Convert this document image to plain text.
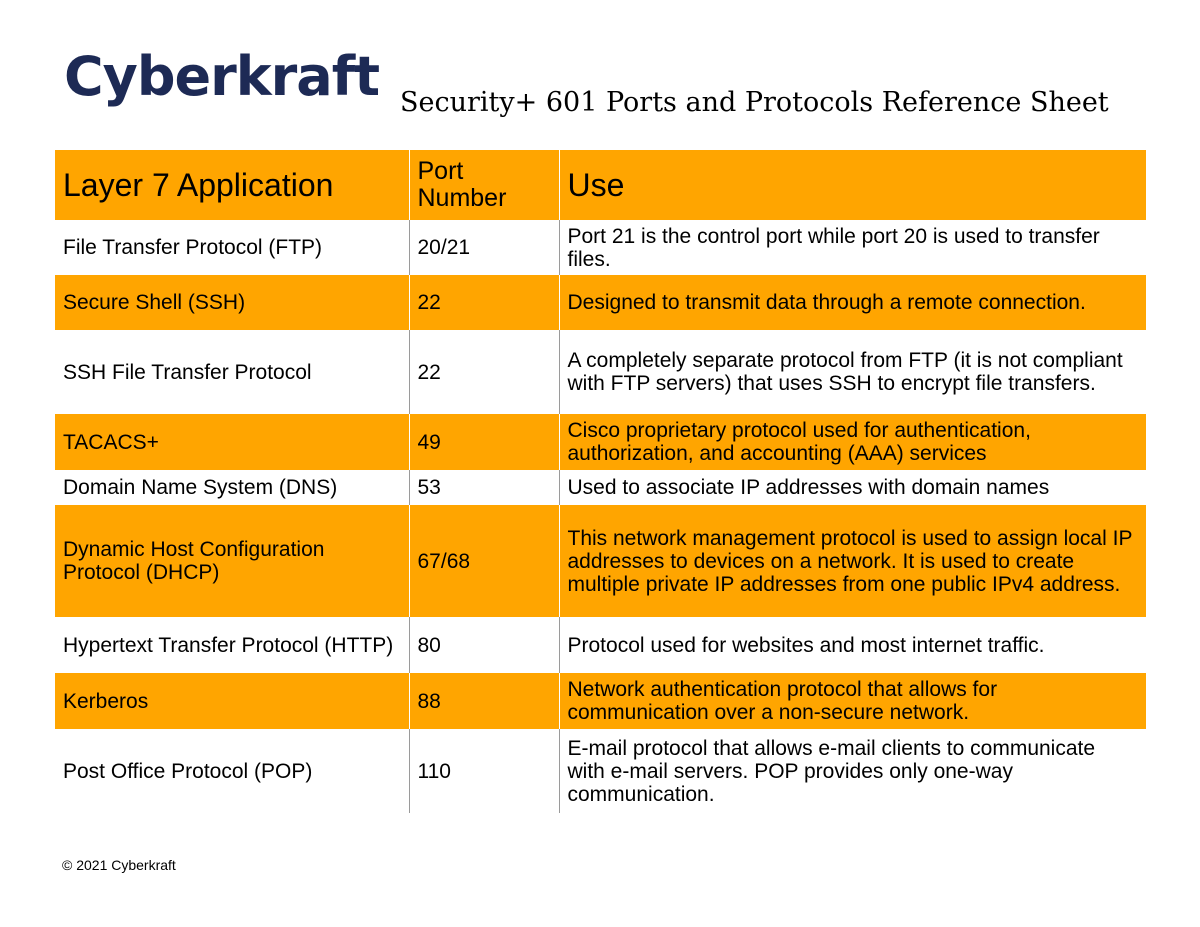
Cyberkraft Security+ 601 Ports and Protocols Reference Sheet
Layer 7 Application	Port Number	Use
File Transfer Protocol (FTP)	20/21	Port 21 is the control port while port 20 is used to transfer files.
Secure Shell (SSH)	22	Designed to transmit data through a remote connection.
SSH File Transfer Protocol	22	A completely separate protocol from FTP (it is not compliant with FTP servers) that uses SSH to encrypt file transfers.
TACACS+	49	Cisco proprietary protocol used for authentication, authorization, and accounting (AAA) services
Domain Name System (DNS)	53	Used to associate IP addresses with domain names
Dynamic Host Configuration Protocol (DHCP)	67/68	This network management protocol is used to assign local IP addresses to devices on a network. It is used to create multiple private IP addresses from one public IPv4 address.
Hypertext Transfer Protocol (HTTP)	80	Protocol used for websites and most internet traffic.
Kerberos	88	Network authentication protocol that allows for communication over a non-secure network.
Post Office Protocol (POP)	110	E-mail protocol that allows e-mail clients to communicate with e-mail servers. POP provides only one-way communication.
© 2021 Cyberkraft
